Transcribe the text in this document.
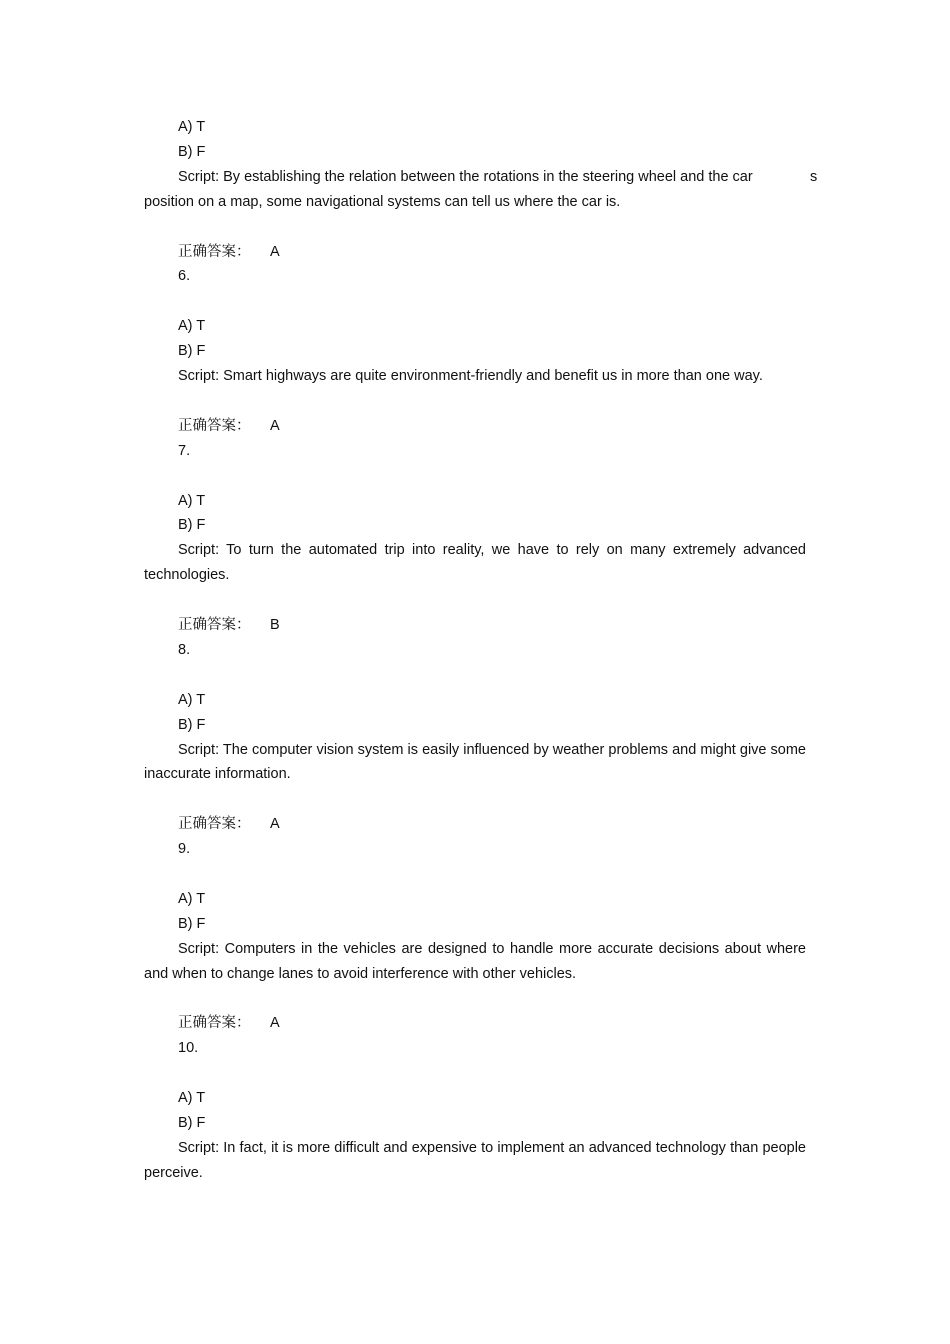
A) T
B) F
Script: By establishing the relation between the rotations in the steering wheel and the car
position on a map, some navigational systems can tell us where the car is.
正确答案： A
6.
A) T
B) F
Script: Smart highways are quite environment-friendly and benefit us in more than one way.
正确答案： A
7.
A) T
B) F

Script: To turn the automated trip into reality, we have to rely on many extremely advanced technologies.

正确答案： B
8.
A) T
B) F

Script: The computer vision system is easily influenced by weather problems and might give some inaccurate information.

正确答案： A
9.
A) T
B) F

Script: Computers in the vehicles are designed to handle more accurate decisions about where and when to change lanes to avoid interference with other vehicles.

正确答案： A
10.
A) T
B) F

Script: In fact, it is more difficult and expensive to implement an advanced technology than people perceive.

s
